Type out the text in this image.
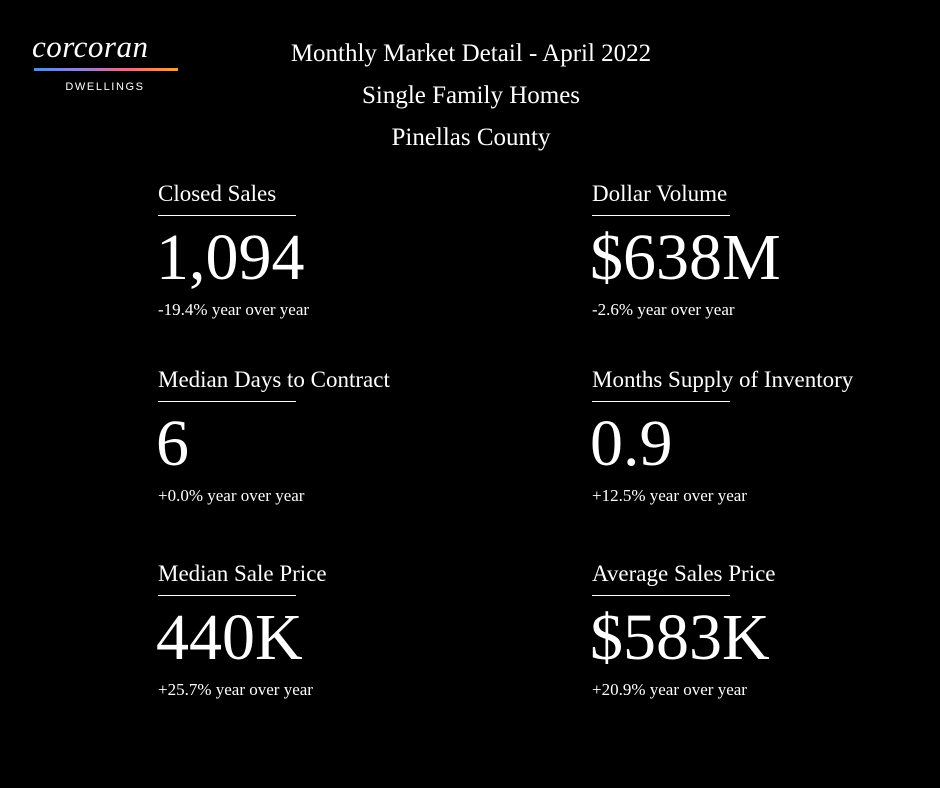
corcoran
DWELLINGS
Monthly Market Detail - April 2022
Single Family Homes
Pinellas County
Closed Sales
1,094
-19.4% year over year
Dollar Volume
$638M
-2.6% year over year
Median Days to Contract
6
+0.0% year over year
Months Supply of Inventory
0.9
+12.5% year over year
Median Sale Price
440K
+25.7% year over year
Average Sales Price
$583K
+20.9% year over year
